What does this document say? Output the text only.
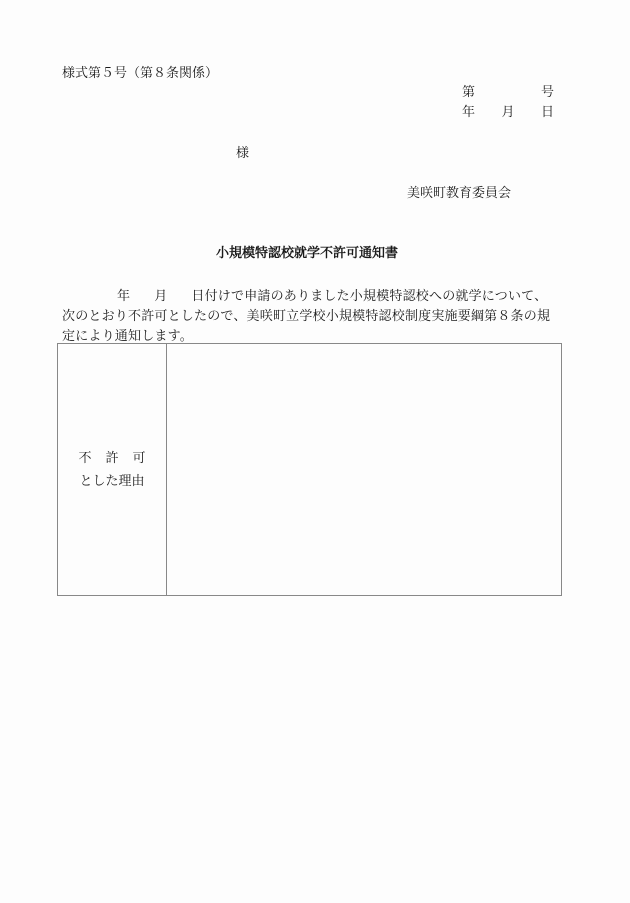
様式第５号（第８条関係）
第	号
年 月 日
様
美咲町教育委員会
小規模特認校就学不許可通知書
年 月 日付けで申請のありました小規模特認校への就学について、
次のとおり不許可としたので、美咲町立学校小規模特認校制度実施要綱第８条の規
定により通知します。
不許可
とした理由
